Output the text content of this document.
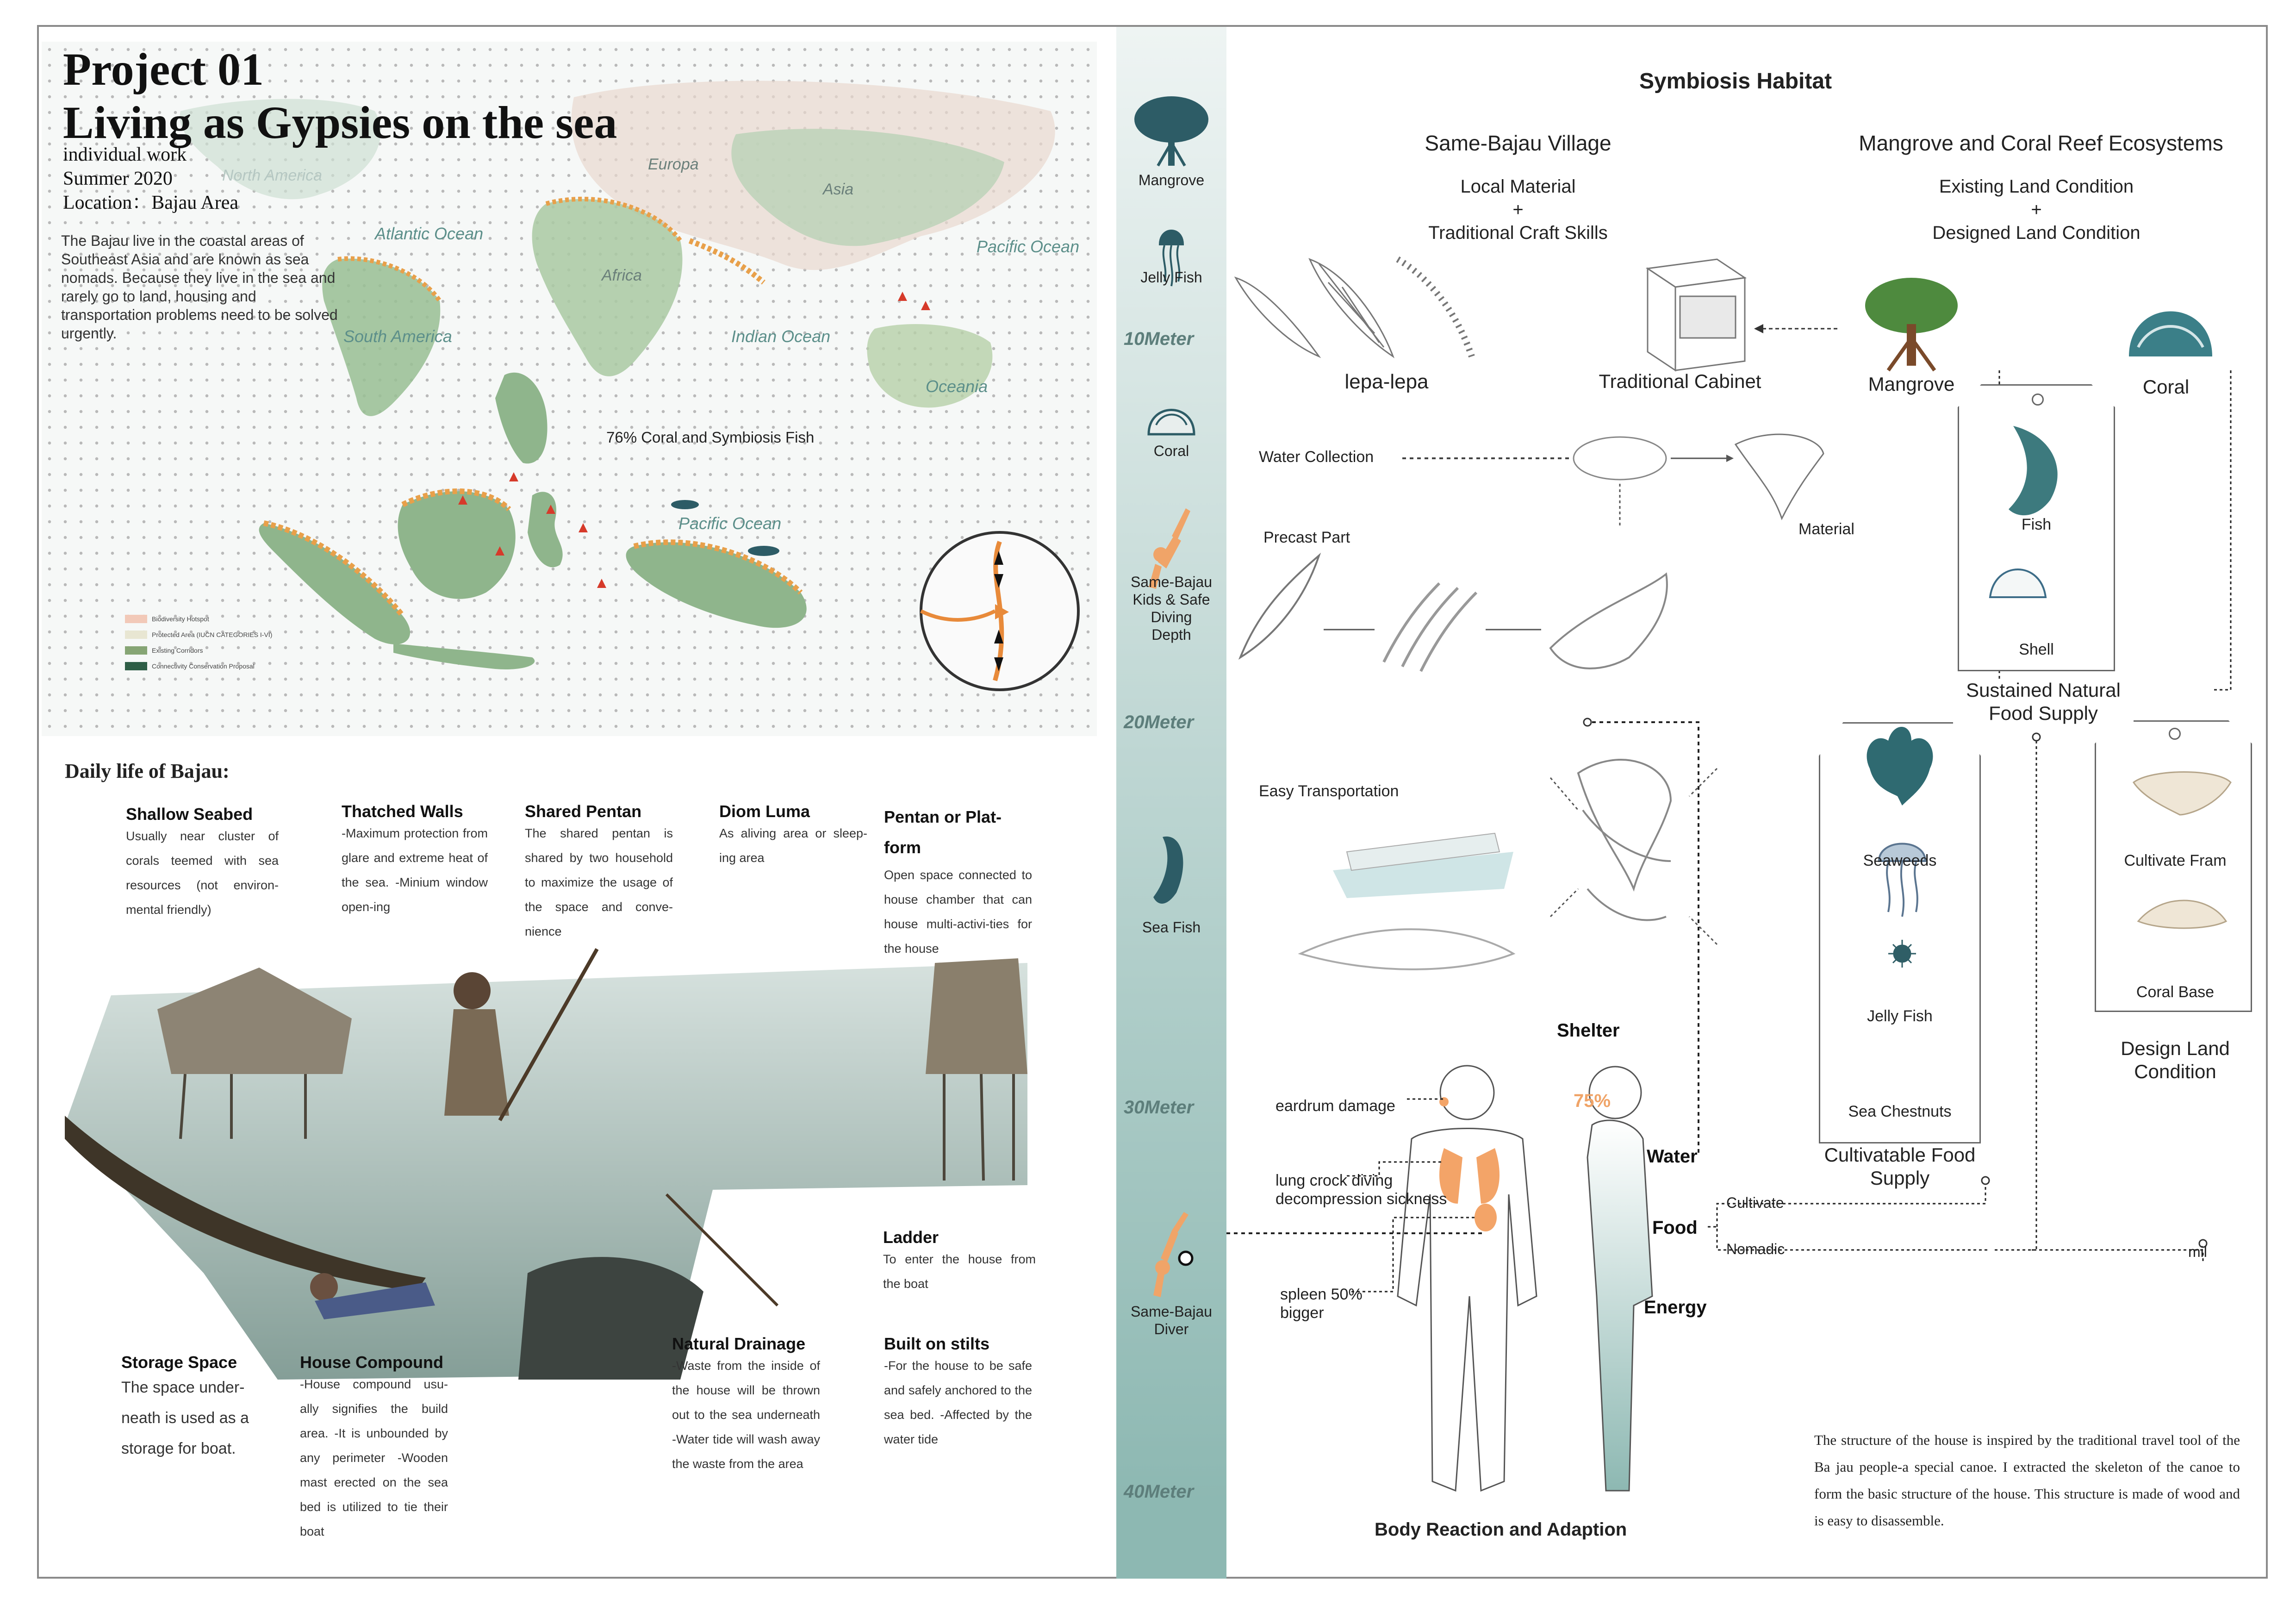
Project 01
Living as Gypsies on the sea
individual work
Summer 2020
Location：Bajau Area
The Bajau live in the coastal areas of Southeast Asia and are known as sea nomads. Because they live in the sea and rarely go to land, housing and transportation problems need to be solved urgently.
North America
Europa
Asia
Atlantic Ocean
Pacific Ocean
Africa
South America	Indian Ocean
Oceania
76% Coral and Symbiosis Fish
Pacific Ocean
Biodiversity Hotspot
Protected Area (IUCN CATEGORIES I-VI)
Existing Corridors
Connectivity Conservation Proposal
Daily life of Bajau:
Shallow Seabed
Usually near cluster of corals teemed with sea resources (not environ-mental friendly)
Thatched Walls
-Maximum protection from glare and extreme heat of the sea. -Minium window open-ing
Shared Pentan
The shared pentan is shared by two household to maximize the usage of the space and conve-nience
Diom Luma
As aliving area or sleep-ing area
Pentan or Plat-form
Open space connected to house chamber that can house multi-activi-ties for the house
Ladder
To enter the house from the boat
Storage Space
The space under-neath is used as a storage for boat.
House Compound
-House compound usu-ally signifies the build area. -It is unbounded by any perimeter -Wooden mast erected on the sea bed is utilized to tie their boat
Natural Drainage
-Waste from the inside of the house will be thrown out to the sea underneath -Water tide will wash away the waste from the area
Built on stilts
-For the house to be safe and safely anchored to the sea bed. -Affected by the water tide
Mangrove
Jelly Fish
10Meter
Coral
Same-Bajau Kids & Safe Diving Depth
20Meter
Sea Fish
30Meter
Same-Bajau Diver
40Meter
Symbiosis Habitat
Same-Bajau Village
Local Material
+
Traditional Craft Skills
Mangrove and Coral Reef Ecosystems
Existing Land Condition
+
Designed Land Condition
lepa-lepa	Traditional Cabinet	Mangrove	Coral
Water Collection
Material
Precast Part
Easy Transportation
Shelter
Fish
Shell
Sustained Natural Food Supply
Seaweeds
Jelly Fish
Sea Chestnuts
Cultivatable Food Supply
Cultivate Fram
Coral Base
Design Land Condition
eardrum damage
lung crock diving decompression sickness
spleen 50% bigger
75%
Water
Food
Energy
Cultivate
Nomadic	mil
Body Reaction and Adaption
The structure of the house is inspired by the traditional travel tool of the Ba jau people-a special canoe. I extracted the skeleton of the canoe to form the basic structure of the house. This structure is made of wood and is easy to disassemble.
